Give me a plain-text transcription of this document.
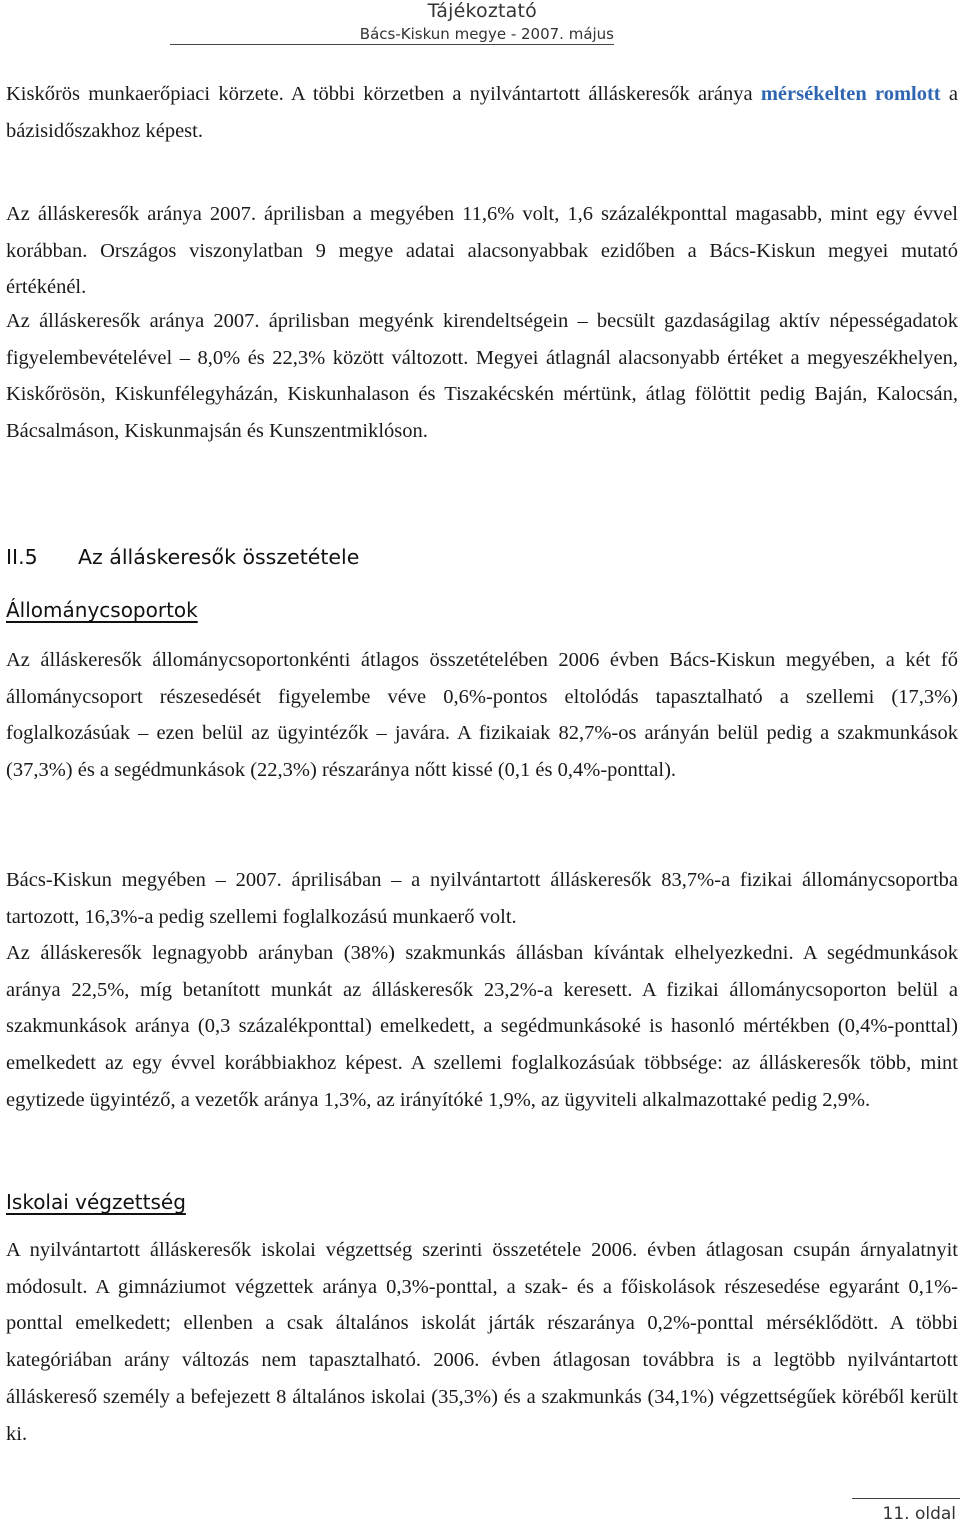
Tájékoztató
Bács-Kiskun megye - 2007. május

Kiskőrös munkaerőpiaci körzete. A többi körzetben a nyilvántartott álláskeresők aránya mérsékelten romlott a bázisidőszakhoz képest.

Az álláskeresők aránya 2007. áprilisban a megyében 11,6% volt, 1,6 százalékponttal magasabb, mint egy évvel korábban. Országos viszonylatban 9 megye adatai alacsonyabbak ezidőben a Bács-Kiskun megyei mutató értékénél.

Az álláskeresők aránya 2007. áprilisban megyénk kirendeltségein – becsült gazdaságilag aktív népességadatok figyelembevételével – 8,0% és 22,3% között változott. Megyei átlagnál alacsonyabb értéket a megyeszékhelyen, Kiskőrösön, Kiskunfélegyházán, Kiskunhalason és Tiszakécskén mértünk, átlag fölöttit pedig Baján, Kalocsán, Bácsalmáson, Kiskunmajsán és Kunszentmiklóson.

II.5 Az álláskeresők összetétele
Állománycsoportok

Az álláskeresők állománycsoportonkénti átlagos összetételében 2006 évben Bács-Kiskun megyében, a két fő állománycsoport részesedését figyelembe véve 0,6%-pontos eltolódás tapasztalható a szellemi (17,3%) foglalkozásúak – ezen belül az ügyintézők – javára. A fizikaiak 82,7%-os arányán belül pedig a szakmunkások (37,3%) és a segédmunkások (22,3%) részaránya nőtt kissé (0,1 és 0,4%-ponttal).

Bács-Kiskun megyében – 2007. áprilisában – a nyilvántartott álláskeresők 83,7%-a fizikai állománycsoportba tartozott, 16,3%-a pedig szellemi foglalkozású munkaerő volt.

Az álláskeresők legnagyobb arányban (38%) szakmunkás állásban kívántak elhelyezkedni. A segédmunkások aránya 22,5%, míg betanított munkát az álláskeresők 23,2%-a keresett. A fizikai állománycsoporton belül a szakmunkások aránya (0,3 százalékponttal) emelkedett, a segédmunkásoké is hasonló mértékben (0,4%-ponttal) emelkedett az egy évvel korábbiakhoz képest. A szellemi foglalkozásúak többsége: az álláskeresők több, mint egytizede ügyintéző, a vezetők aránya 1,3%, az irányítóké 1,9%, az ügyviteli alkalmazottaké pedig 2,9%.

Iskolai végzettség

A nyilvántartott álláskeresők iskolai végzettség szerinti összetétele 2006. évben átlagosan csupán árnyalatnyit módosult. A gimnáziumot végzettek aránya 0,3%-ponttal, a szak- és a főiskolások részesedése egyaránt 0,1%-ponttal emelkedett; ellenben a csak általános iskolát járták részaránya 0,2%-ponttal mérséklődött. A többi kategóriában arány változás nem tapasztalható. 2006. évben átlagosan továbbra is a legtöbb nyilvántartott álláskereső személy a befejezett 8 általános iskolai (35,3%) és a szakmunkás (34,1%) végzettségűek köréből került ki.

11. oldal
